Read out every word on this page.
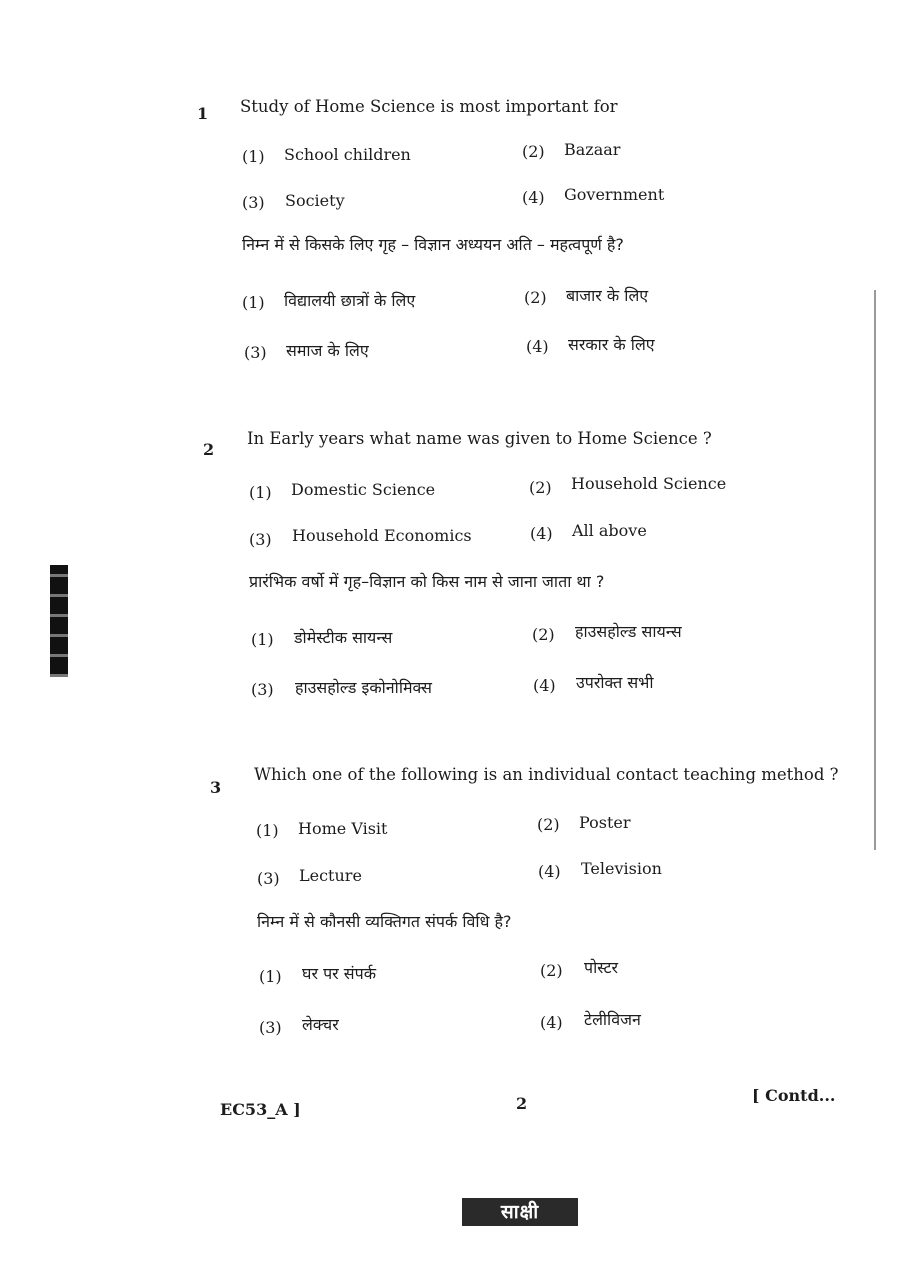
1 Study of Home Science is most important for
(1) School children	(2) Bazaar
(3) Society	(4) Government
निम्न में से किसके लिए गृह – विज्ञान अध्ययन अति – महत्वपूर्ण है?
(1) विद्यालयी छात्रों के लिए	(2) बाजार के लिए
(3) समाज के लिए	(4) सरकार के लिए
2
In Early years what name was given to Home Science ?
(1) Domestic Science	(2) Household Science
(3) Household Economics	(4) All above
प्रारंभिक वर्षो में गृह–विज्ञान को किस नाम से जाना जाता था ?
(1) डोमेस्टीक सायन्स	(2) हाउसहोल्ड सायन्स
(3) हाउसहोल्ड इकोनोमिक्स	(4) उपरोक्त सभी
3
Which one of the following is an individual contact teaching method ?
(1) Home Visit	(2) Poster
(3) Lecture	(4) Television
निम्न में से कौनसी व्यक्तिगत संपर्क विधि है?
(1) घर पर संपर्क	(2) पोस्टर
(3) लेक्चर	(4) टेलीविजन
EC53_A ]	2	[ Contd...
साक्षी
